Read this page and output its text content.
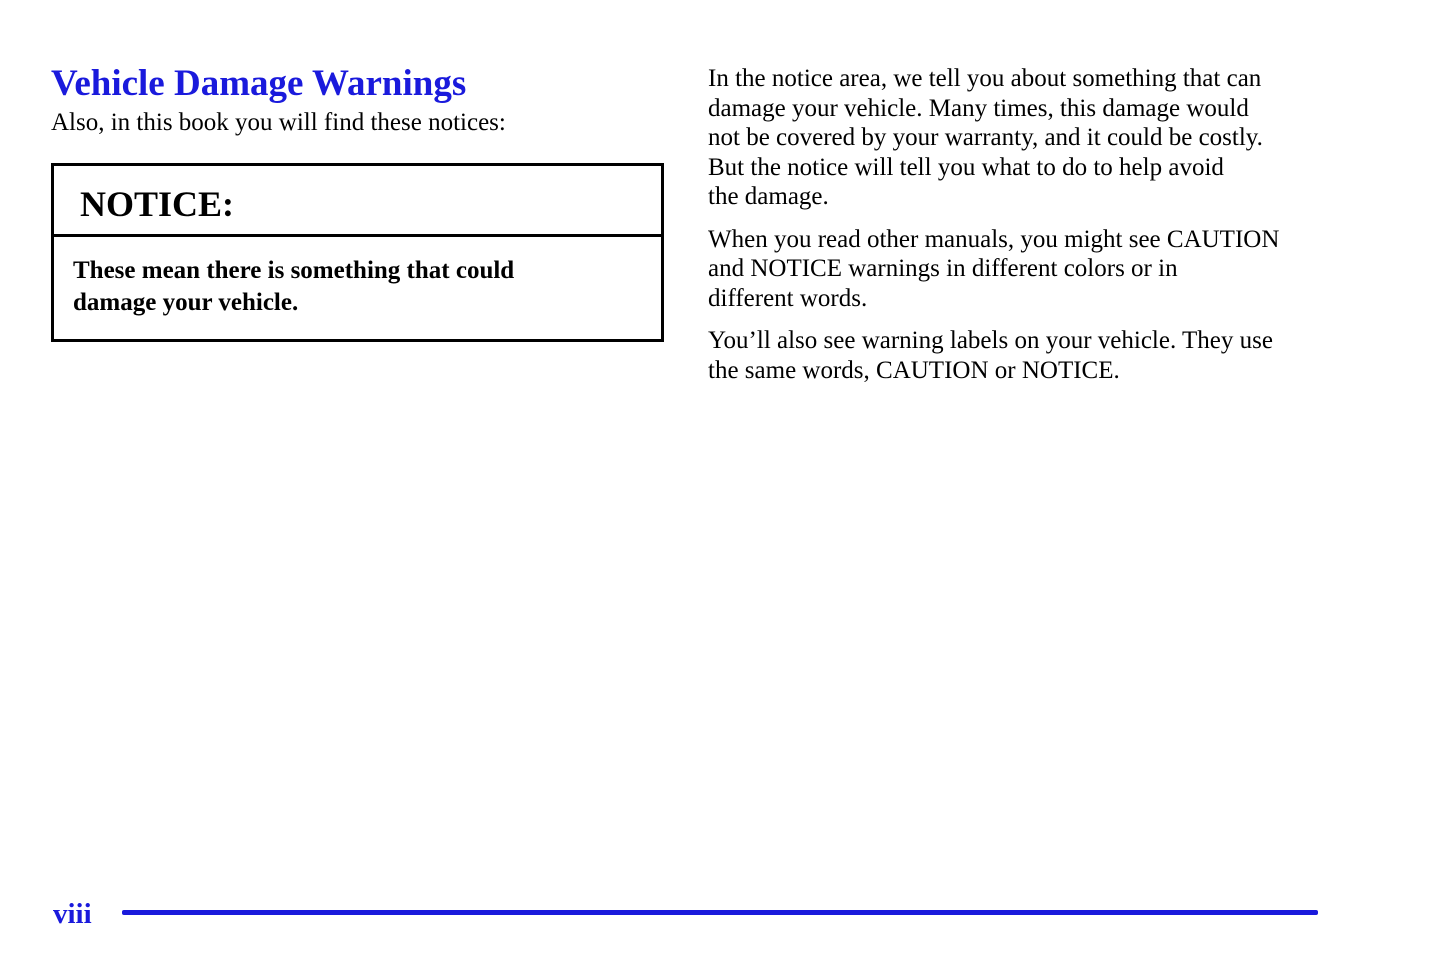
Vehicle Damage Warnings

Also, in this book you will find these notices:

NOTICE:
These mean there is something that could
damage your vehicle.

In the notice area, we tell you about something that can
damage your vehicle. Many times, this damage would
not be covered by your warranty, and it could be costly.
But the notice will tell you what to do to help avoid
the damage.

When you read other manuals, you might see CAUTION
and NOTICE warnings in different colors or in
different words.

You’ll also see warning labels on your vehicle. They use
the same words, CAUTION or NOTICE.

viii
